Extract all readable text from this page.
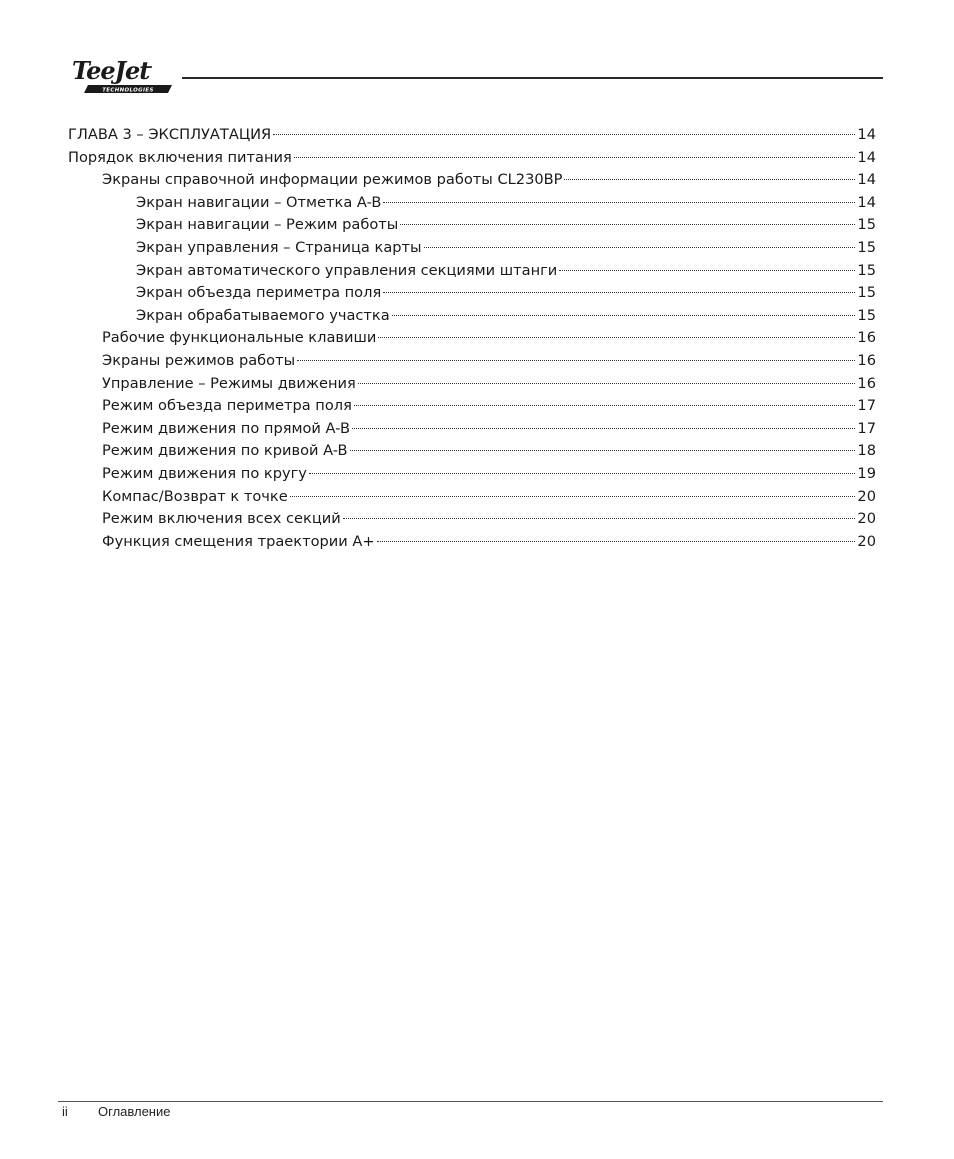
TeeJet
TECHNOLOGIES
ГЛАВА 3 – ЭКСПЛУАТАЦИЯ	14
Порядок включения питания	14
Экраны справочной информации режимов работы CL230BP	14
Экран навигации – Отметка A-B	14
Экран навигации – Режим работы	15
Экран управления – Страница карты	15
Экран автоматического управления секциями штанги	15
Экран объезда периметра поля	15
Экран обрабатываемого участка	15
Рабочие функциональные клавиши	16
Экраны режимов работы	16
Управление – Режимы движения	16
Режим объезда периметра поля	17
Режим движения по прямой A-B	17
Режим движения по кривой A-B	18
Режим движения по кругу	19
Компас/Возврат к точке	20
Режим включения всех секций	20
Функция смещения траектории A+	20
ii Оглавление
